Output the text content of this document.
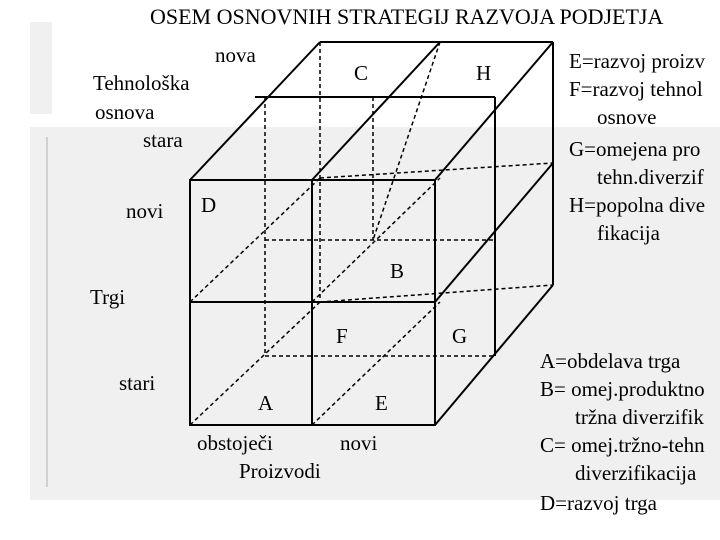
OSEM OSNOVNIH STRATEGIJ RAZVOJA PODJETJA
nova
Tehnološka
osnova
stara
novi
Trgi
stari
obstoječi	novi
Proizvodi
C	H
D
B
F	G
A	E
E=razvoj proizv
F=razvoj tehnol
osnove
G=omejena pro
tehn.diverzif
H=popolna dive
fikacija
A=obdelava trga
B= omej.produktno
tržna diverzifik
C= omej.tržno-tehn
diverzifikacija
D=razvoj trga
